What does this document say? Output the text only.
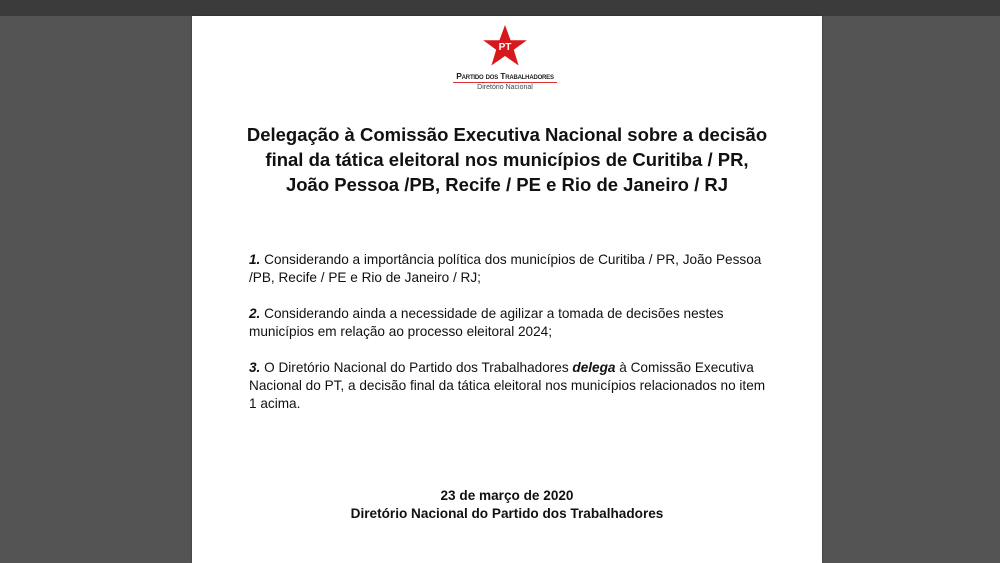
PT
Partido dos Trabalhadores
Diretório Nacional
Delegação à Comissão Executiva Nacional sobre a decisão
final da tática eleitoral nos municípios de Curitiba / PR,
João Pessoa /PB, Recife / PE e Rio de Janeiro / RJ
1. Considerando a importância política dos municípios de Curitiba / PR, João Pessoa /PB, Recife / PE e Rio de Janeiro / RJ;
2. Considerando ainda a necessidade de agilizar a tomada de decisões nestes municípios em relação ao processo eleitoral 2024;
3. O Diretório Nacional do Partido dos Trabalhadores delega à Comissão Executiva Nacional do PT, a decisão final da tática eleitoral nos municípios relacionados no item 1 acima.
23 de março de 2020
Diretório Nacional do Partido dos Trabalhadores
